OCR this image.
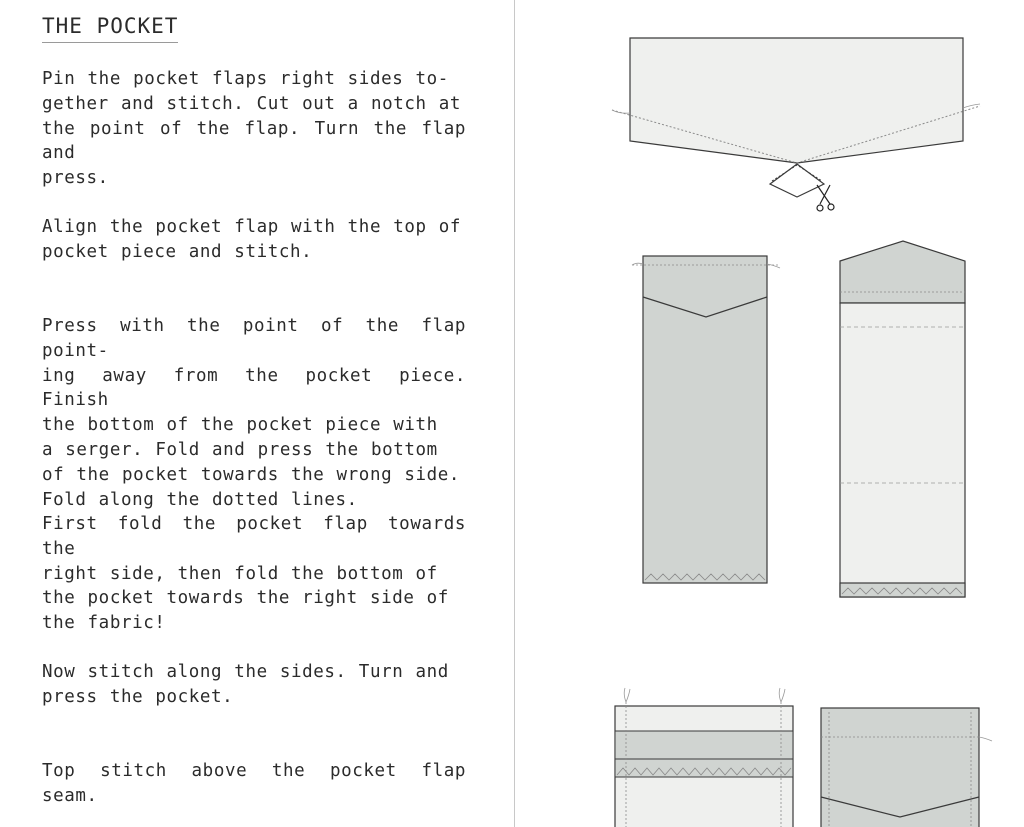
THE POCKET

Pin the pocket flaps right sides to-
gether and stitch. Cut out a notch at
the point of the flap. Turn the flap and
press.

Align the pocket flap with the top of
pocket piece and stitch.

Press with the point of the flap point-
ing away from the pocket piece. Finish
the bottom of the pocket piece with
a serger. Fold and press the bottom
of the pocket towards the wrong side.
Fold along the dotted lines.

First fold the pocket flap towards the
right side, then fold the bottom of
the pocket towards the right side of
the fabric!

Now stitch along the sides. Turn and
press the pocket.

Top stitch above the pocket flap seam.
